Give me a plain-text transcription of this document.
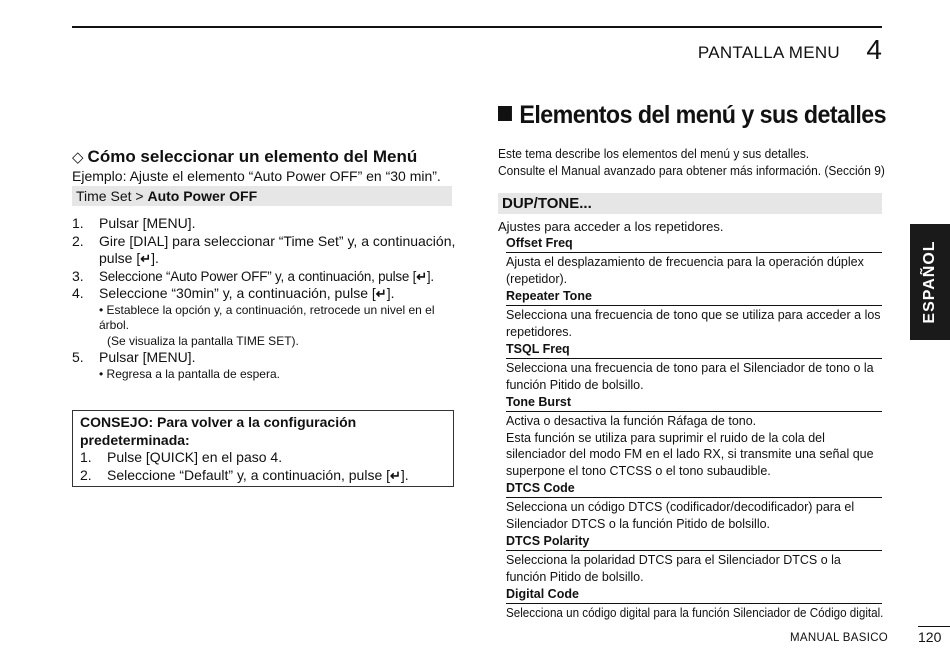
PANTALLA MENU 4
◇ Cómo seleccionar un elemento del Menú
Ejemplo: Ajuste el elemento “Auto Power OFF” en “30 min”.
Time Set > Auto Power OFF
1.	Pulsar [MENU].
2.	Gire [DIAL] para seleccionar “Time Set” y, a continuación, pulse [↵].
3.	Seleccione “Auto Power OFF” y, a continuación, pulse [↵].
4.	Seleccione “30min” y, a continuación, pulse [↵].
• Establece la opción y, a continuación, retrocede un nivel en el árbol.
(Se visualiza la pantalla TIME SET).
5.	Pulsar [MENU].
• Regresa a la pantalla de espera.
CONSEJO: Para volver a la configuración predeterminada:
1.	Pulse [QUICK] en el paso 4.
2.	Seleccione “Default” y, a continuación, pulse [↵].
Elementos del menú y sus detalles
Este tema describe los elementos del menú y sus detalles.
Consulte el Manual avanzado para obtener más información. (Sección 9)
DUP/TONE...
Ajustes para acceder a los repetidores.
Offset Freq
Ajusta el desplazamiento de frecuencia para la operación dúplex (repetidor).
Repeater Tone
Selecciona una frecuencia de tono que se utiliza para acceder a los repetidores.
TSQL Freq
Selecciona una frecuencia de tono para el Silenciador de tono o la función Pitido de bolsillo.
Tone Burst
Activa o desactiva la función Ráfaga de tono.
Esta función se utiliza para suprimir el ruido de la cola del silenciador del modo FM en el lado RX, si transmite una señal que superpone el tono CTCSS o el tono subaudible.
DTCS Code
Selecciona un código DTCS (codificador/decodificador) para el Silenciador DTCS o la función Pitido de bolsillo.
DTCS Polarity
Selecciona la polaridad DTCS para el Silenciador DTCS o la función Pitido de bolsillo.
Digital Code
Selecciona un código digital para la función Silenciador de Código digital.
ESPAÑOL
MANUAL BASICO 120
